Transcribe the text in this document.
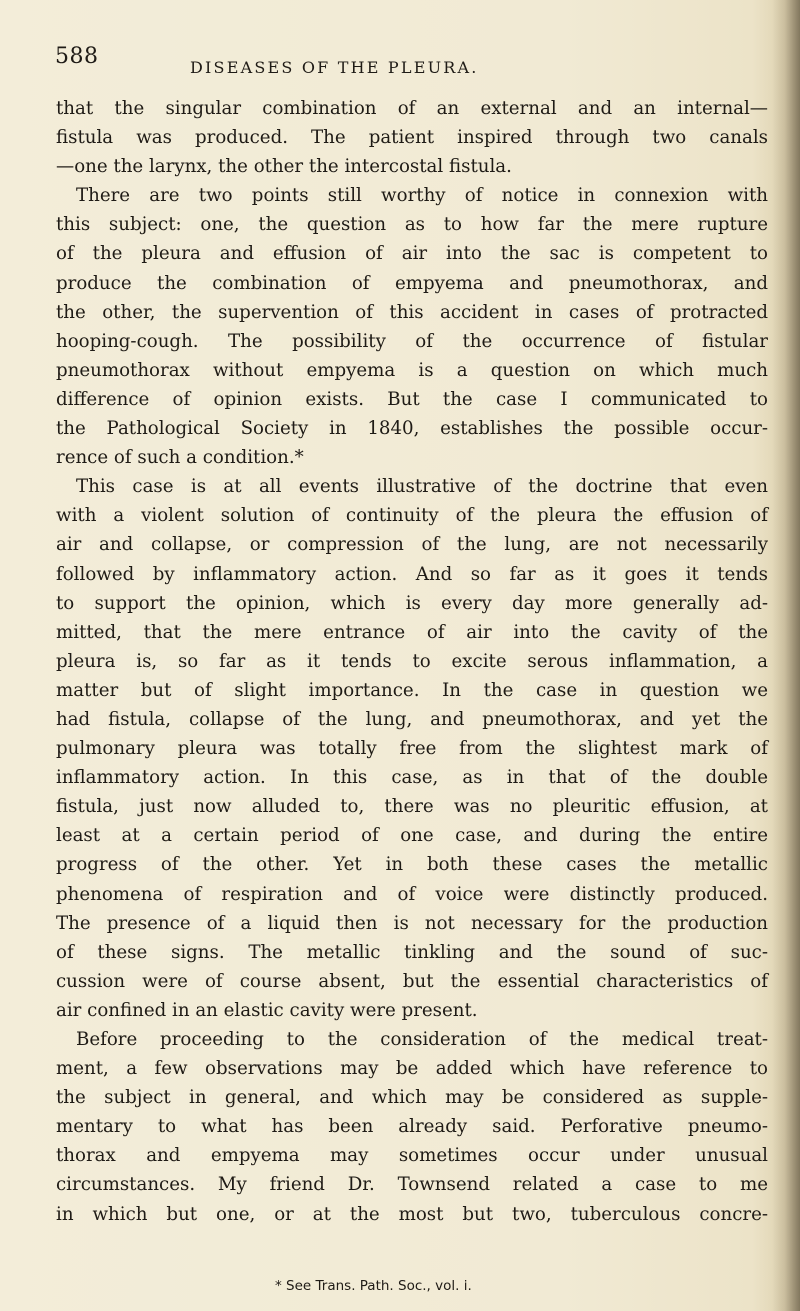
588	DISEASES OF THE PLEURA.
that the singular combination of an external and an internal—
fistula was produced. The patient inspired through two canals
—one the larynx, the other the intercostal fistula.
There are two points still worthy of notice in connexion with
this subject: one, the question as to how far the mere rupture
of the pleura and effusion of air into the sac is competent to
produce the combination of empyema and pneumothorax, and
the other, the supervention of this accident in cases of protracted
hooping-cough. The possibility of the occurrence of fistular
pneumothorax without empyema is a question on which much
difference of opinion exists. But the case I communicated to
the Pathological Society in 1840, establishes the possible occur-
rence of such a condition.*
This case is at all events illustrative of the doctrine that even
with a violent solution of continuity of the pleura the effusion of
air and collapse, or compression of the lung, are not necessarily
followed by inflammatory action. And so far as it goes it tends
to support the opinion, which is every day more generally ad-
mitted, that the mere entrance of air into the cavity of the
pleura is, so far as it tends to excite serous inflammation, a
matter but of slight importance. In the case in question we
had fistula, collapse of the lung, and pneumothorax, and yet the
pulmonary pleura was totally free from the slightest mark of
inflammatory action. In this case, as in that of the double
fistula, just now alluded to, there was no pleuritic effusion, at
least at a certain period of one case, and during the entire
progress of the other. Yet in both these cases the metallic
phenomena of respiration and of voice were distinctly produced.
The presence of a liquid then is not necessary for the production
of these signs. The metallic tinkling and the sound of suc-
cussion were of course absent, but the essential characteristics of
air confined in an elastic cavity were present.
Before proceeding to the consideration of the medical treat-
ment, a few observations may be added which have reference to
the subject in general, and which may be considered as supple-
mentary to what has been already said. Perforative pneumo-
thorax and empyema may sometimes occur under unusual
circumstances. My friend Dr. Townsend related a case to me
in which but one, or at the most but two, tuberculous concre-
* See Trans. Path. Soc., vol. i.
